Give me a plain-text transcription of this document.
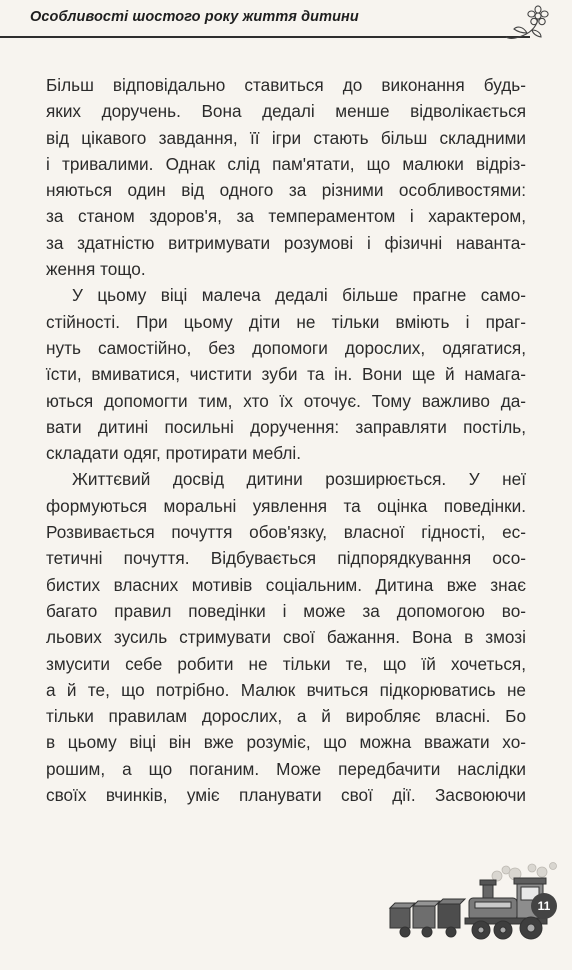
Особливості шостого року життя дитини

Більш відповідально ставиться до виконання будь-
яких доручень. Вона дедалі менше відволікається
від цікавого завдання, її ігри стають більш складними
і тривалими. Однак слід пам'ятати, що малюки відріз-
няються один від одного за різними особливостями:
за станом здоров'я, за темпераментом і характером,
за здатністю витримувати розумові і фізичні наванта-
ження тощо.

У цьому віці малеча дедалі більше прагне само-
стійності. При цьому діти не тільки вміють і праг-
нуть самостійно, без допомоги дорослих, одягатися,
їсти, вмиватися, чистити зуби та ін. Вони ще й намага-
ються допомогти тим, хто їх оточує. Тому важливо да-
вати дитині посильні доручення: заправляти постіль,
складати одяг, протирати меблі.

Життєвий досвід дитини розширюється. У неї
формуються моральні уявлення та оцінка поведінки.
Розвивається почуття обов'язку, власної гідності, ес-
тетичні почуття. Відбувається підпорядкування осо-
бистих власних мотивів соціальним. Дитина вже знає
багато правил поведінки і може за допомогою во-
льових зусиль стримувати свої бажання. Вона в змозі
змусити себе робити не тільки те, що їй хочеться,
а й те, що потрібно. Малюк вчиться підкорюватись не
тільки правилам дорослих, а й виробляє власні. Бо
в цьому віці він вже розуміє, що можна вважати хо-
рошим, а що поганим. Може передбачити наслідки
своїх вчинків, уміє планувати свої дії. Засвоюючи

11
